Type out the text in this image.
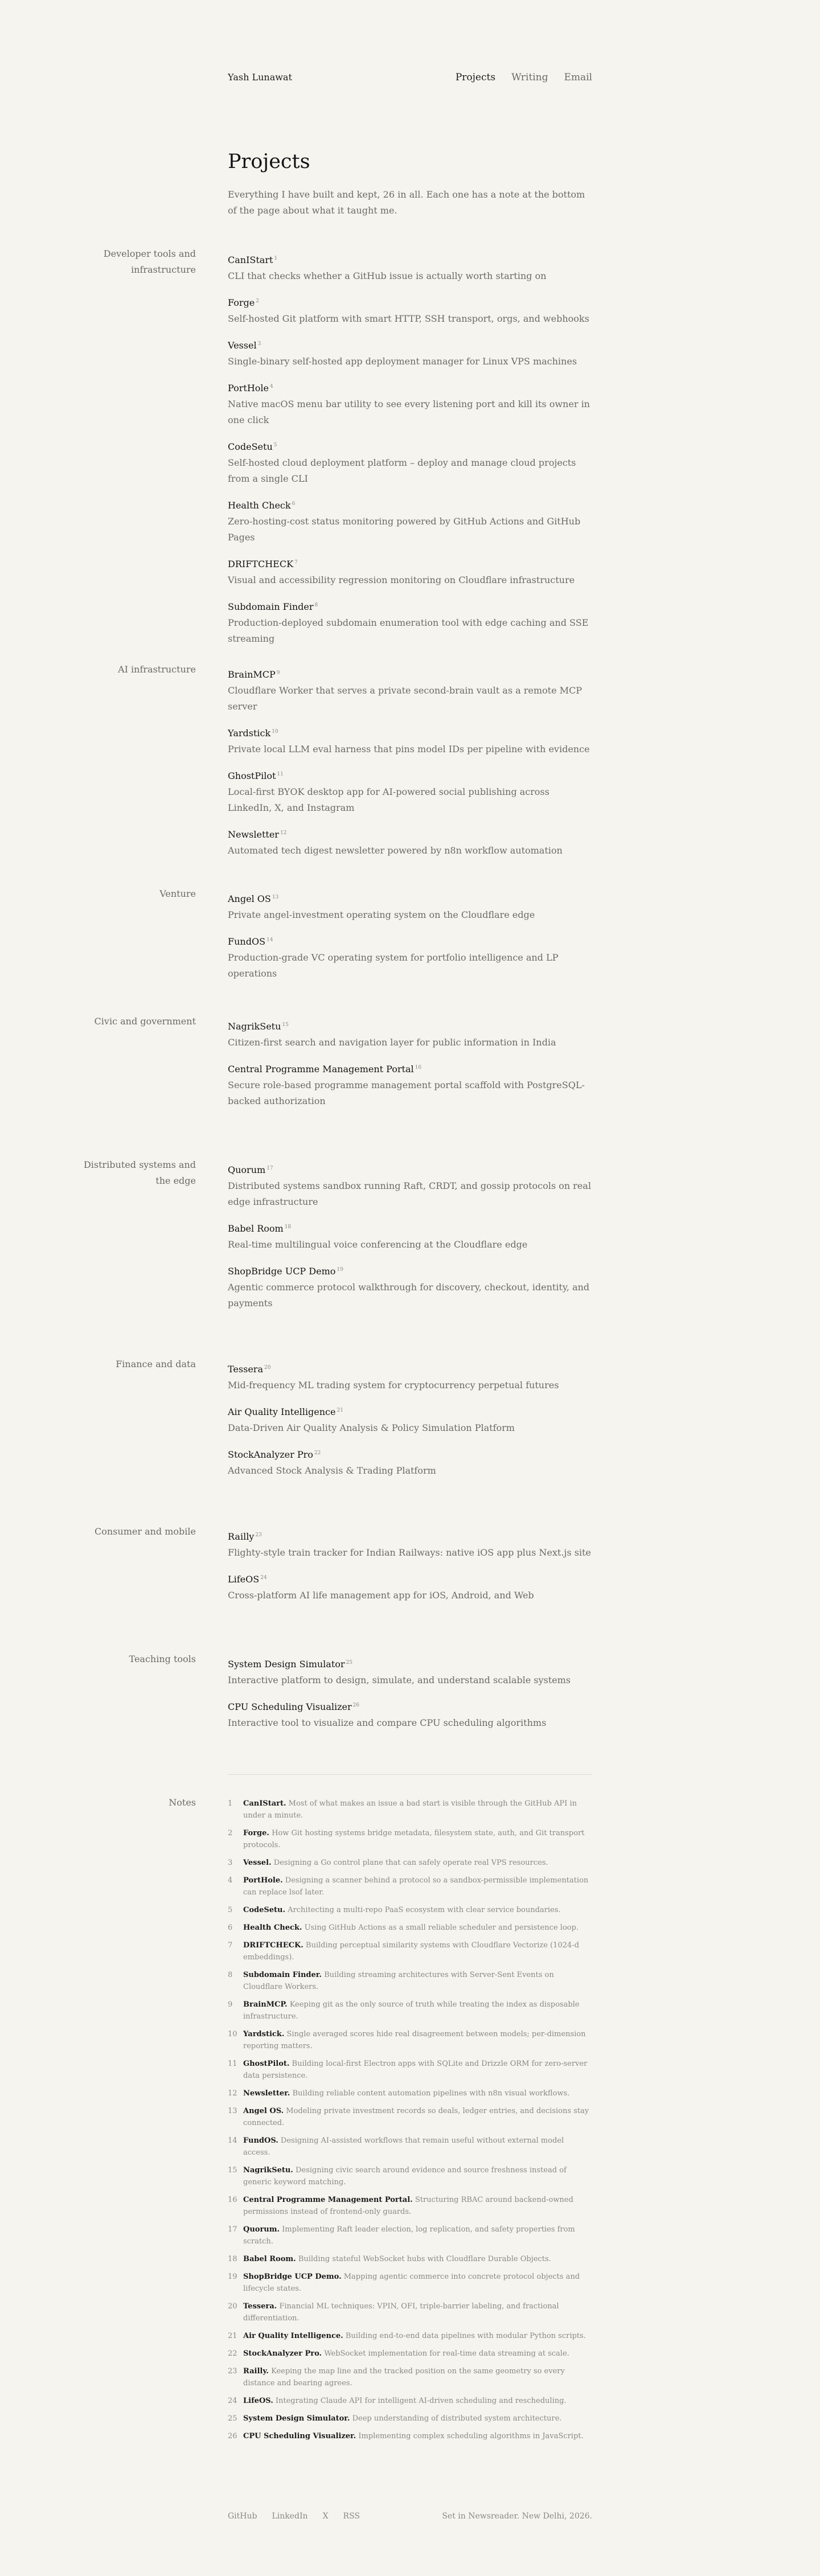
Yash Lunawat	Projects Writing Email
Projects

Everything I have built and kept, 26 in all. Each one has a note at the bottom of the page about what it taught me.

Developer tools and infrastructure
CanIStart $^1$
CLI that checks whether a GitHub issue is actually worth starting on
Forge $^2$
Self-hosted Git platform with smart HTTP, SSH transport, orgs, and webhooks
Vessel $^3$
Single-binary self-hosted app deployment manager for Linux VPS machines
PortHole $^4$
Native macOS menu bar utility to see every listening port and kill its owner in one click
CodeSetu $^5$
Self-hosted cloud deployment platform – deploy and manage cloud projects from a single CLI
Health Check $^6$
Zero-hosting-cost status monitoring powered by GitHub Actions and GitHub Pages
DRIFTCHECK $^7$
Visual and accessibility regression monitoring on Cloudflare infrastructure
Subdomain Finder $^8$
Production-deployed subdomain enumeration tool with edge caching and SSE streaming
AI infrastructure	BrainMCP $^9$
Cloudflare Worker that serves a private second-brain vault as a remote MCP server
Yardstick $^{10}$
Private local LLM eval harness that pins model IDs per pipeline with evidence
GhostPilot $^{11}$
Local-first BYOK desktop app for AI-powered social publishing across LinkedIn, X, and Instagram
Newsletter $^{12}$
Automated tech digest newsletter powered by n8n workflow automation
Venture	Angel OS $^{13}$
Private angel-investment operating system on the Cloudflare edge
FundOS $^{14}$
Production-grade VC operating system for portfolio intelligence and LP operations
Civic and government	NagrikSetu $^{15}$
Citizen-first search and navigation layer for public information in India
Central Programme Management Portal $^{16}$
Secure role-based programme management portal scaffold with PostgreSQL-backed authorization
Distributed systems and the edge
Quorum $^{17}$
Distributed systems sandbox running Raft, CRDT, and gossip protocols on real edge infrastructure
Babel Room $^{18}$
Real-time multilingual voice conferencing at the Cloudflare edge
ShopBridge UCP Demo $^{19}$
Agentic commerce protocol walkthrough for discovery, checkout, identity, and payments
Finance and data	Tessera $^{20}$
Mid-frequency ML trading system for cryptocurrency perpetual futures
Air Quality Intelligence $^{21}$
Data-Driven Air Quality Analysis & Policy Simulation Platform
StockAnalyzer Pro $^{22}$
Advanced Stock Analysis & Trading Platform
Consumer and mobile	Railly $^{23}$
Flighty-style train tracker for Indian Railways: native iOS app plus Next.js site
LifeOS $^{24}$
Cross-platform AI life management app for iOS, Android, and Web
Teaching tools	System Design Simulator $^{25}$
Interactive platform to design, simulate, and understand scalable systems
CPU Scheduling Visualizer $^{26}$
Interactive tool to visualize and compare CPU scheduling algorithms
Notes	1	CanIStart. Most of what makes an issue a bad start is visible through the GitHub API in under a minute.
2	Forge. How Git hosting systems bridge metadata, filesystem state, auth, and Git transport protocols.
3	Vessel. Designing a Go control plane that can safely operate real VPS resources.
4	PortHole. Designing a scanner behind a protocol so a sandbox-permissible implementation can replace lsof later.
5	CodeSetu. Architecting a multi-repo PaaS ecosystem with clear service boundaries.
6	Health Check. Using GitHub Actions as a small reliable scheduler and persistence loop.
7	DRIFTCHECK. Building perceptual similarity systems with Cloudflare Vectorize (1024-d embeddings).
8	Subdomain Finder. Building streaming architectures with Server-Sent Events on Cloudflare Workers.
9	BrainMCP. Keeping git as the only source of truth while treating the index as disposable infrastructure.
10 Yardstick. Single averaged scores hide real disagreement between models; per-dimension reporting matters.
11 GhostPilot. Building local-first Electron apps with SQLite and Drizzle ORM for zero-server data persistence.
12 Newsletter. Building reliable content automation pipelines with n8n visual workflows.
13 Angel OS. Modeling private investment records so deals, ledger entries, and decisions stay connected.
14 FundOS. Designing AI-assisted workflows that remain useful without external model access.
15 NagrikSetu. Designing civic search around evidence and source freshness instead of generic keyword matching.
16 Central Programme Management Portal. Structuring RBAC around backend-owned permissions instead of frontend-only guards.
17 Quorum. Implementing Raft leader election, log replication, and safety properties from scratch.
18 Babel Room. Building stateful WebSocket hubs with Cloudflare Durable Objects.
19 ShopBridge UCP Demo. Mapping agentic commerce into concrete protocol objects and lifecycle states.
20 Tessera. Financial ML techniques: VPIN, OFI, triple-barrier labeling, and fractional differentiation.
21 Air Quality Intelligence. Building end-to-end data pipelines with modular Python scripts.
22 StockAnalyzer Pro. WebSocket implementation for real-time data streaming at scale.
23 Railly. Keeping the map line and the tracked position on the same geometry so every distance and bearing agrees.
24 LifeOS. Integrating Claude API for intelligent AI-driven scheduling and rescheduling.
25 System Design Simulator. Deep understanding of distributed system architecture.
26 CPU Scheduling Visualizer. Implementing complex scheduling algorithms in JavaScript.
GitHub LinkedIn X RSS	Set in Newsreader. New Delhi, 2026.
